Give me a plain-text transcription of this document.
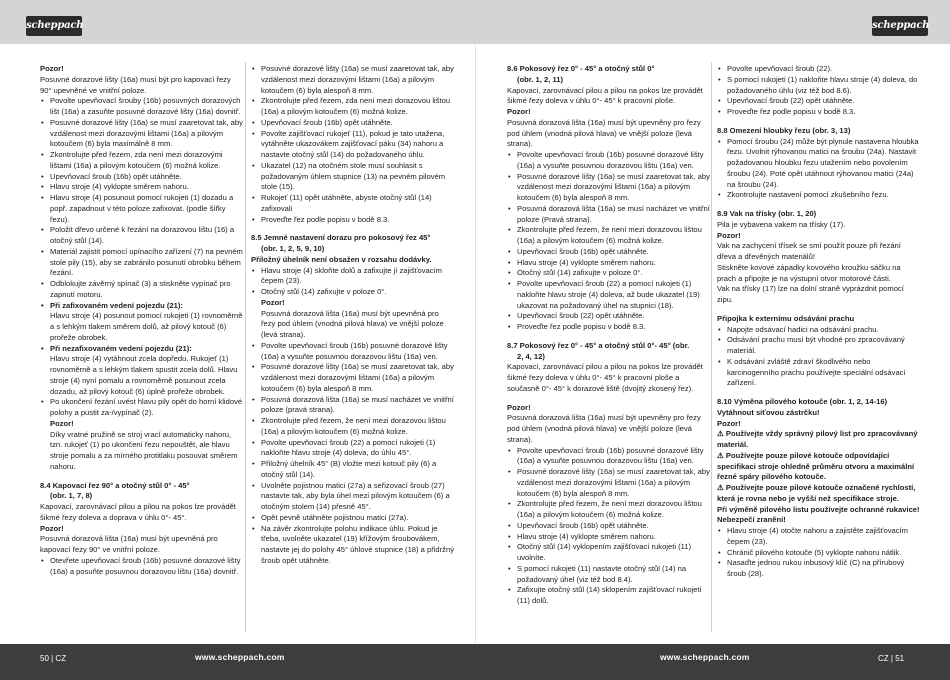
scheppach	scheppach

Pozor!

Posuvné dorazové lišty (16a) musí být pro kapovací řezy 90° upevněné ve vnitřní poloze.

• Povolte upevňovací šrouby (16b) posuvných dorazových lišt (16a) a zasuňte posuvné dorazové lišty (16a) dovnitř.
• Posuvné dorazové lišty (16a) se musí zaaretovat tak, aby vzdálenost mezi dorazovými lištami (16a) a pilovým kotoučem (6) byla maximálně 8 mm.
• Zkontrolujte před řezem, zda není mezi dorazovými lištami (16a) a pilovým kotoučem (6) možná kolize.
• Upevňovací šroub (16b) opět utáhněte.
• Hlavu stroje (4) vyklopte směrem nahoru.
• Hlavu stroje (4) posunout pomocí rukojeti (1) dozadu a popř. zapadnout v této poloze zafixovat. (podle šířky řezu).
• Položit dřevo určené k řezání na dorazovou lištu (16) a otočný stůl (14).
• Materiál zajistit pomocí upínacího zařízení (7) na pevném stole pily (15), aby se zabránilo posunutí obrobku během řezání.
• Odblokujte závěrný spínač (3) a stiskněte vypínač pro zapnutí motoru.
• Při zafixovaném vedení pojezdu (21):

Hlavu stroje (4) posunout pomocí rukojeti (1) rovnoměrně a s lehkým tlakem směrem dolů, až pilový kotouč (6) prořeže obrobek.

• Při nezafixovaném vedení pojezdu (21):

Hlavu stroje (4) vytáhnout zcela dopředu. Rukojeť (1) rovnoměrně a s lehkým tlakem spustit zcela dolů. Hlavu stroje (4) nyní pomalu a rovnoměrně posunout zcela dozadu, až pilový kotouč (6) úplně prořeže obrobek.

• Po ukončení řezání uvést hlavu pily opět do horní klidové polohy a pustit za-/vypínač (2).

Pozor!

Díky vratné pružině se stroj vrací automaticky nahoru, tzn. rukojeť (1) po ukončení řezu nepouštět, ale hlavu stroje pomalu a za mírného protitlaku posouvat směrem nahoru.

8.4 Kapovací řez 90° a otočný stůl 0° - 45°

(obr. 1, 7, 8)

Kapovací, zarovnávací pilou a pilou na pokos lze provádět šikmé řezy doleva a doprava v úhlu 0°- 45°.

Pozor!

Posuvná dorazová lišta (16a) musí být upevněná pro kapovací řezy 90° ve vnitřní poloze.

• Otevřete upevňovací šroub (16b) posuvné dorazové lišty (16a) a posuňte posuvnou dorazovou lištu (16a) dovnitř.
• Posuvné dorazové lišty (16a) se musí zaaretovat tak, aby vzdálenost mezi dorazovými lištami (16a) a pilovým kotoučem (6) byla alespoň 8 mm.
• Zkontrolujte před řezem, zda není mezi dorazovou lištou (16a) a pilovým kotoučem (6) možná kolize.
• Upevňovací šroub (16b) opět utáhněte.
• Povolte zajišťovací rukojeť (11), pokud je tato utažena, vytáhněte ukazovákem zajišťovací páku (34) nahoru a nastavte otočný stůl (14) do požadovaného úhlu.
• Ukazatel (12) na otočném stole musí souhlasit s požadovaným úhlem stupnice (13) na pevném pilovém stole (15).
• Rukojeť (11) opět utáhněte, abyste otočný stůl (14) zafixovali
• Proveďte řez podle popisu v bodě 8.3.

8.5 Jemné nastavení dorazu pro pokosový řez 45°

(obr. 1, 2, 5, 9, 10)

Přiložný úhelník není obsažen v rozsahu dodávky.

• Hlavu stroje (4) skloňte dolů a zafixujte jí zajišťovacím čepem (23).
• Otočný stůl (14) zafixujte v poloze 0°.

Pozor!

Posuvná dorazová lišta (16a) musí být upevněná pro řezy pod úhlem (vnodná pilová hlava) ve vnější poloze (levá strana).

• Povolte upevňovací šroub (16b) posuvné dorazové lišty (16a) a vysuňte posuvnou dorazovou lištu (16a) ven.
• Posuvné dorazové lišty (16a) se musí zaaretovat tak, aby vzdálenost mezi dorazovými lištami (16a) a pilovým kotoučem (6) byla alespoň 8 mm.
• Posuvná dorazová lišta (16a) se musí nacházet ve vnitřní poloze (pravá strana).
• Zkontrolujte před řezem, že není mezi dorazovou lištou (16a) a pilovým kotoučem (6) možná kolize.
• Povolte upevňovací šroub (22) a pomocí rukojeti (1) nakloňte hlavu stroje (4) doleva, do úhlu 45°.
• Přiložný úhelník 45° (B) vložte mezi kotouč pily (6) a otočný stůl (14).
• Uvolněte pojistnou matici (27a) a seřizovací šroub (27) nastavte tak, aby byla úhel mezi pilovým kotoučem (6) a otočným stolem (14) přesně 45°.
• Opět pevně utáhněte pojistnou matici (27a).
• Na závěr zkontrolujte polohu indikace úhlu. Pokud je třeba, uvolněte ukazatel (19) křížovým šroubovákem, nastavte jej do polohy 45° úhlové stupnice (18) a přidržný šroub opět utáhněte.

8.6 Pokosový řez 0° - 45° a otočný stůl 0°

(obr. 1, 2, 11)

Kapovací, zarovnávací pilou a pilou na pokos lze provádět šikmé řezy doleva v úhlu 0°- 45° k pracovní ploše.

Pozor!

Posuvná dorazová lišta (16a) musí být upevněny pro řezy pod úhlem (vnodná pilová hlava) ve vnější poloze (levá strana).

• Povolte upevňovací šroub (16b) posuvné dorazové lišty (16a) a vysuňte posuvnou dorazovou lištu (16a) ven.
• Posuvné dorazové lišty (16a) se musí zaaretovat tak, aby vzdálenost mezi dorazovými lištami (16a) a pilovým kotoučem (6) byla alespoň 8 mm.
• Posuvná dorazová lišta (16a) se musí nacházet ve vnitřní poloze (Pravá strana).
• Zkontrolujte před řezem, že není mezi dorazovou lištou (16a) a pilovým kotoučem (6) možná kolize.
• Upevňovací šroub (16b) opět utáhněte.
• Hlavu stroje (4) vyklopte směrem nahoru.
• Otočný stůl (14) zafixujte v poloze 0°.
• Povolte upevňovací šroub (22) a pomocí rukojeti (1) nakloňte hlavu stroje (4) doleva, až bude ukazatel (19) ukazovat na požadovaný úhel na stupnici (18).
• Upevňovací šroub (22) opět utáhněte.
• Proveďte řez podle popisu v bodě 8.3.

8.7 Pokosový řez 0° - 45° a otočný stůl 0°- 45° (obr.

2, 4, 12)

Kapovací, zarovnávací pilou a pilou na pokos lze provádět šikmé řezy doleva v úhlu 0°- 45° k pracovní ploše a současně 0°- 45° k dorazové liště (dvojitý zkosený řez).

Pozor!

Posuvná dorazová lišta (16a) musí být upevněny pro řezy pod úhlem (vnodná pilová hlava) ve vnější poloze (levá strana).

• Povolte upevňovací šroub (16b) posuvné dorazové lišty (16a) a vysuňte posuvnou dorazovou lištu (16a) ven.
• Posuvné dorazové lišty (16a) se musí zaaretovat tak, aby vzdálenost mezi dorazovými lištami (16a) a pilovým kotoučem (6) byla alespoň 8 mm.
• Zkontrolujte před řezem, že není mezi dorazovou lištou (16a) a pilovým kotoučem (6) možná kolize.
• Upevňovací šroub (16b) opět utáhněte.
• Hlavu stroje (4) vyklopte směrem nahoru.
• Otočný stůl (14) vyklopením zajišťovací rukojeti (11) uvolníte.
• S pomocí rukojeti (11) nastavte otočný stůl (14) na požadovaný úhel (viz též bod 8.4).
• Zafixujte otočný stůl (14) sklopením zajišťovací rukojeti (11) dolů.
• Povolte upevňovací šroub (22).
• S pomocí rukojeti (1) nakloňte hlavu stroje (4) doleva, do požadovaného úhlu (viz též bod 8.6).
• Upevňovací šroub (22) opět utáhněte.
• Proveďte řez podle popisu v bodě 8.3.

8.8 Omezení hloubky řezu (obr. 3, 13)

• Pomocí šroubu (24) může být plynule nastavena hloubka řezu. Uvolnit rýhovanou matici na šroubu (24a). Nastavit požadovanou hloubku řezu utažením nebo povolením šroubu (24). Poté opět utáhnout rýhovanou matici (24a) na šroubu (24).
• Zkontrolujte nastavení pomocí zkušebního řezu.

8.9 Vak na třísky (obr. 1, 20)

Pila je vybavena vakem na třísky (17).

Pozor!

Vak na zachycení třísek se smí použít pouze při řezání dřeva a dřevěných materiálů!

Stiskněte kovové západky kovového kroužku sáčku na prach a připojte je na výstupní otvor motorové části.

Vak na třísky (17) lze na dolní straně vyprázdnit pomocí zipu.

Připojka k externímu odsávání prachu

• Napojte odsávací hadici na odsávání prachu.
• Odsávání prachu musí být vhodné pro zpracovávaný materiál.
• K odsávání zvláště zdraví škodlivého nebo karcinogenního prachu používejte speciální odsávací zařízení.

8.10 Výměna pilového kotouče (obr. 1, 2, 14-16)

Vytáhnout síťovou zástrčku!

Pozor!

⚠ Používejte vždy správný pilový list pro zpracovávaný materiál.

⚠ Používejte pouze pilové kotouče odpovídající specifikaci stroje ohledně průměru otvoru a maximální řezné spáry pilového kotouče.

⚠ Používejte pouze pilové kotouče označené rychlostí, která je rovna nebo je vyšší než specifikace stroje.

Při výměně pilového listu používejte ochranné rukavice! Nebezpečí zranění!

• Hlavu stroje (4) otočte nahoru a zajistěte zajišťovacím čepem (23).
• Chránič pilového kotouče (5) vyklopte nahoru nátlik.
• Nasaďte jednou rukou inbusový klíč (C) na přírubový šroub (28).
50 | CZ	www.scheppach.com	www.scheppach.com	CZ | 51
